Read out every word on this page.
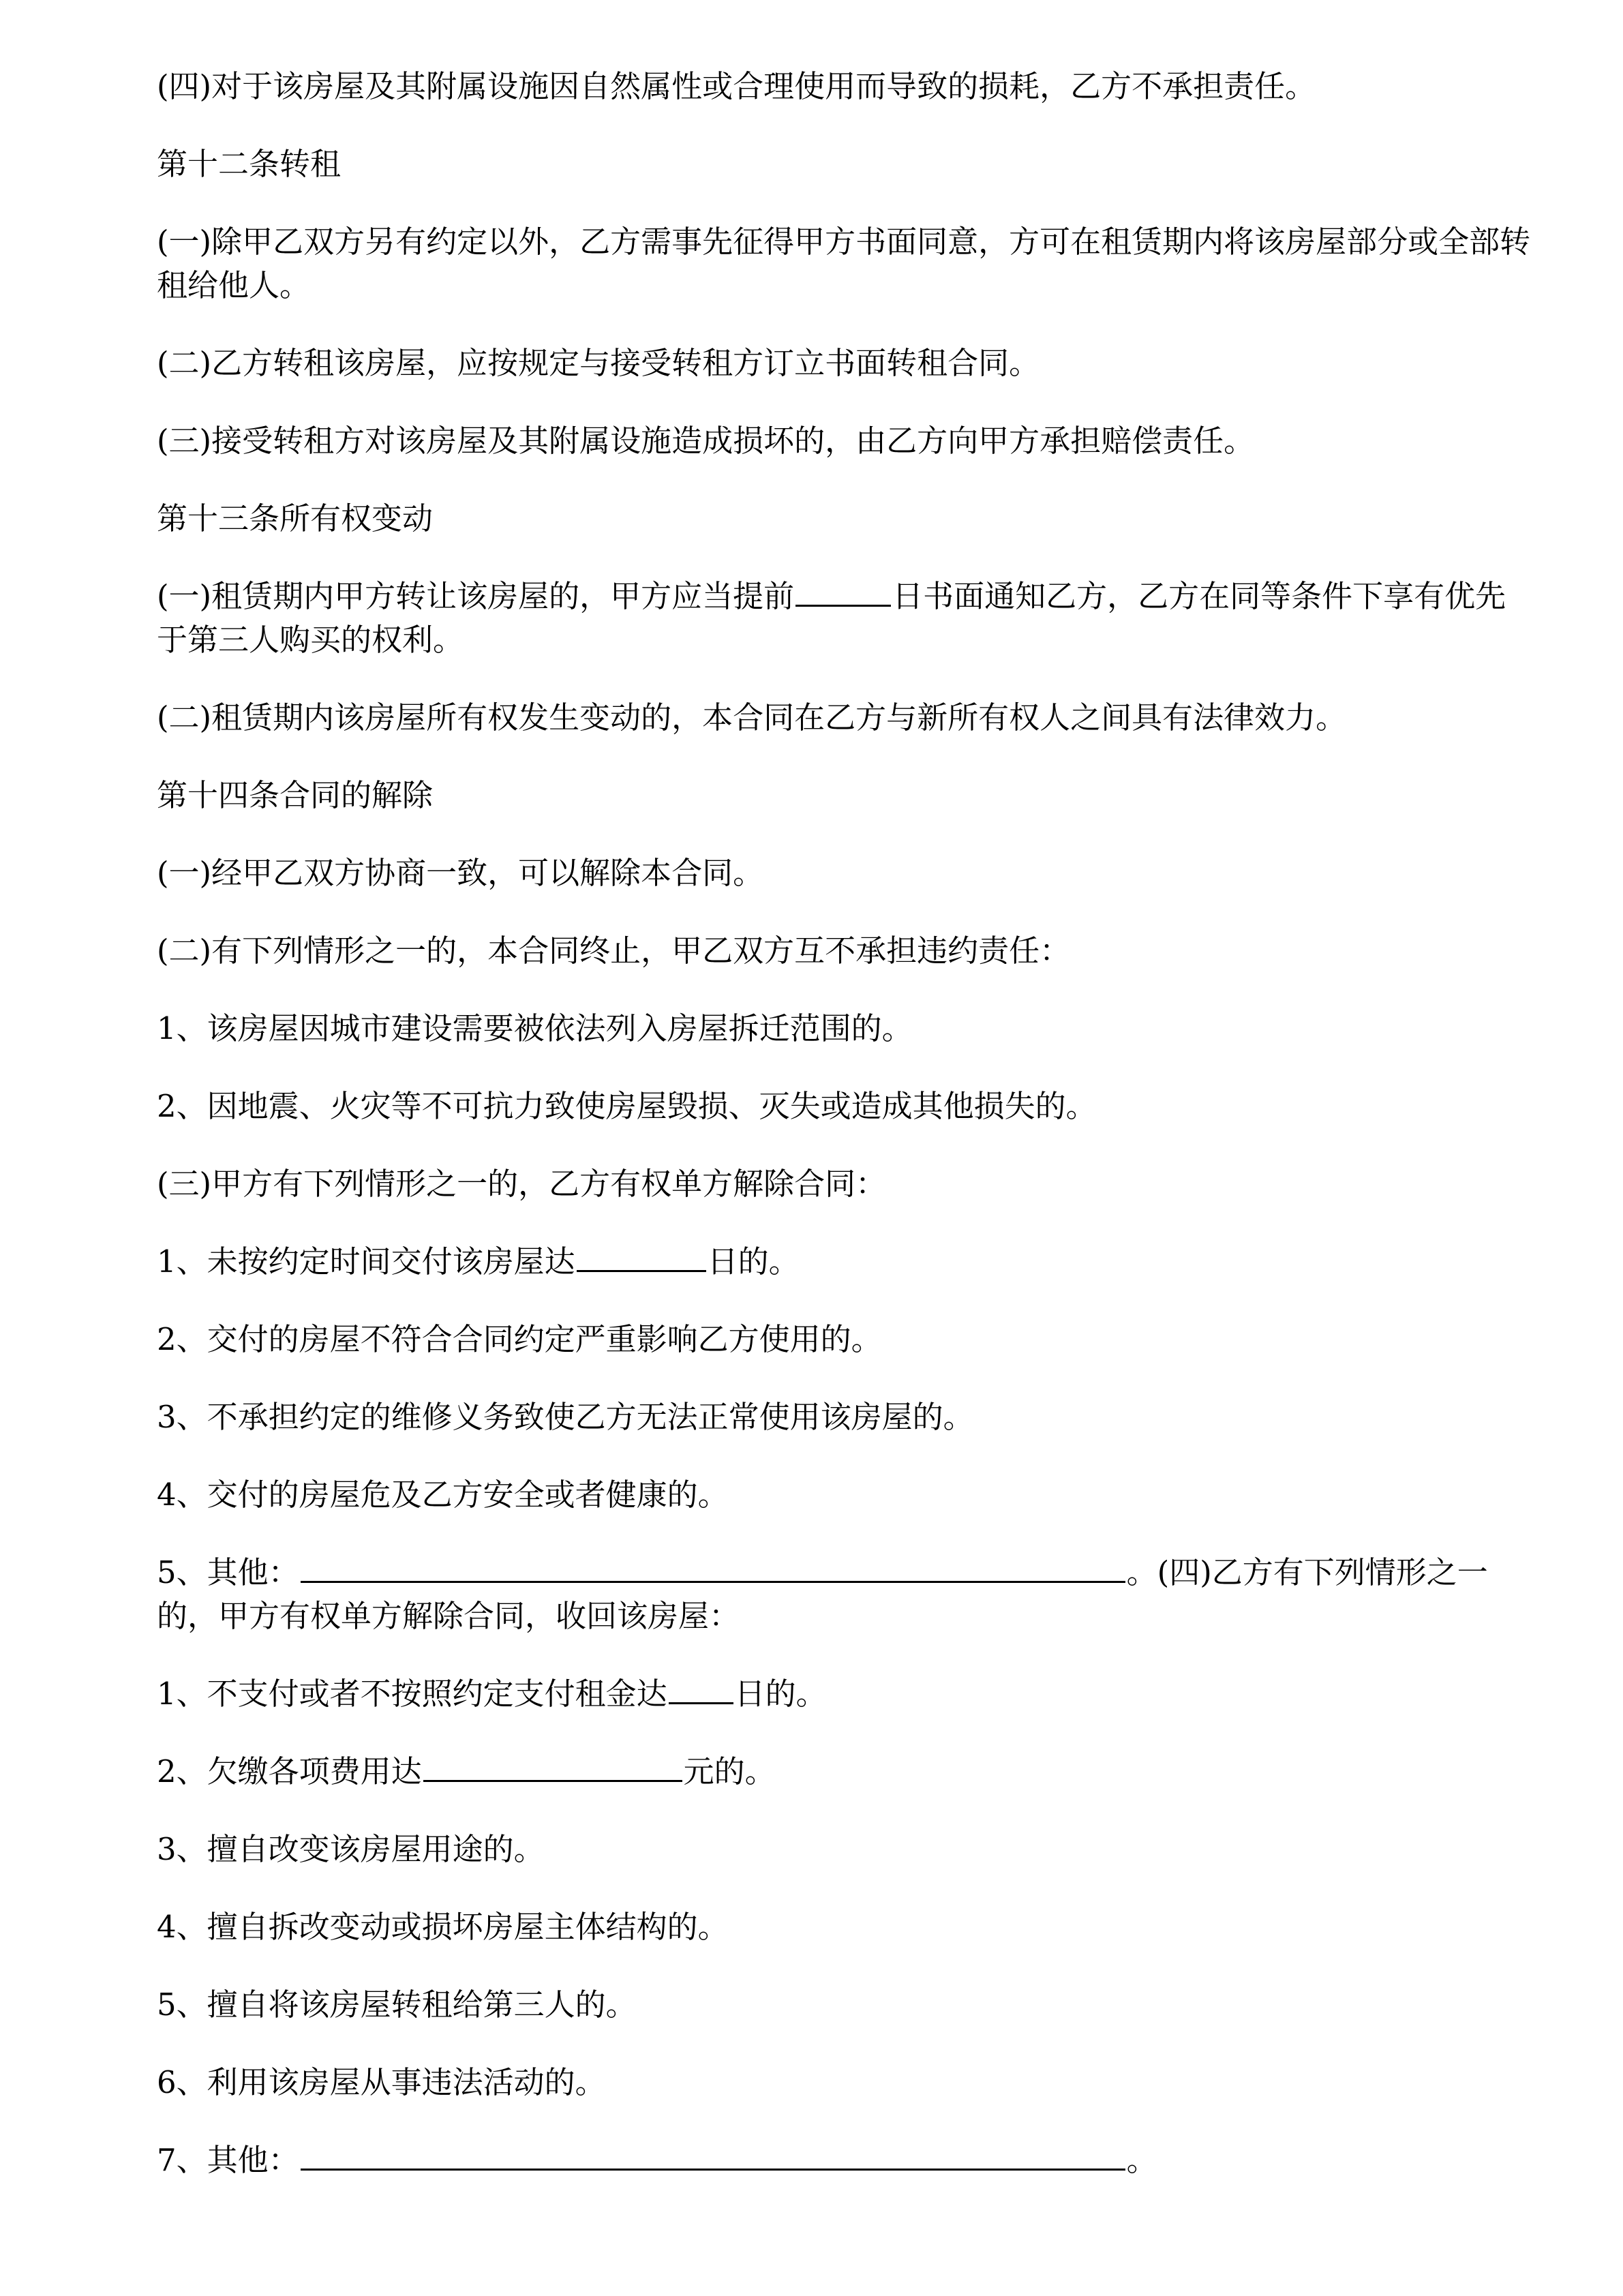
(四)对于该房屋及其附属设施因自然属性或合理使用而导致的损耗，乙方不承担责任。

第十二条转租

(一)除甲乙双方另有约定以外，乙方需事先征得甲方书面同意，方可在租赁期内将该房屋部分或全部转租给他人。

(二)乙方转租该房屋，应按规定与接受转租方订立书面转租合同。

(三)接受转租方对该房屋及其附属设施造成损坏的，由乙方向甲方承担赔偿责任。

第十三条所有权变动

(一)租赁期内甲方转让该房屋的，甲方应当提前	日书面通知乙方，乙方在同等条件下享有优先于第三人购买的权利。

(二)租赁期内该房屋所有权发生变动的，本合同在乙方与新所有权人之间具有法律效力。

第十四条合同的解除

(一)经甲乙双方协商一致，可以解除本合同。

(二)有下列情形之一的，本合同终止，甲乙双方互不承担违约责任：

1、该房屋因城市建设需要被依法列入房屋拆迁范围的。

2、因地震、火灾等不可抗力致使房屋毁损、灭失或造成其他损失的。

(三)甲方有下列情形之一的，乙方有权单方解除合同：

1、未按约定时间交付该房屋达	日的。

2、交付的房屋不符合合同约定严重影响乙方使用的。

3、不承担约定的维修义务致使乙方无法正常使用该房屋的。

4、交付的房屋危及乙方安全或者健康的。

5、其他：	。(四)乙方有下列情形之一的，甲方有权单方解除合同，收回该房屋：

1、不支付或者不按照约定支付租金达 日的。

2、欠缴各项费用达	元的。

3、擅自改变该房屋用途的。

4、擅自拆改变动或损坏房屋主体结构的。

5、擅自将该房屋转租给第三人的。

6、利用该房屋从事违法活动的。

7、其他：	。
